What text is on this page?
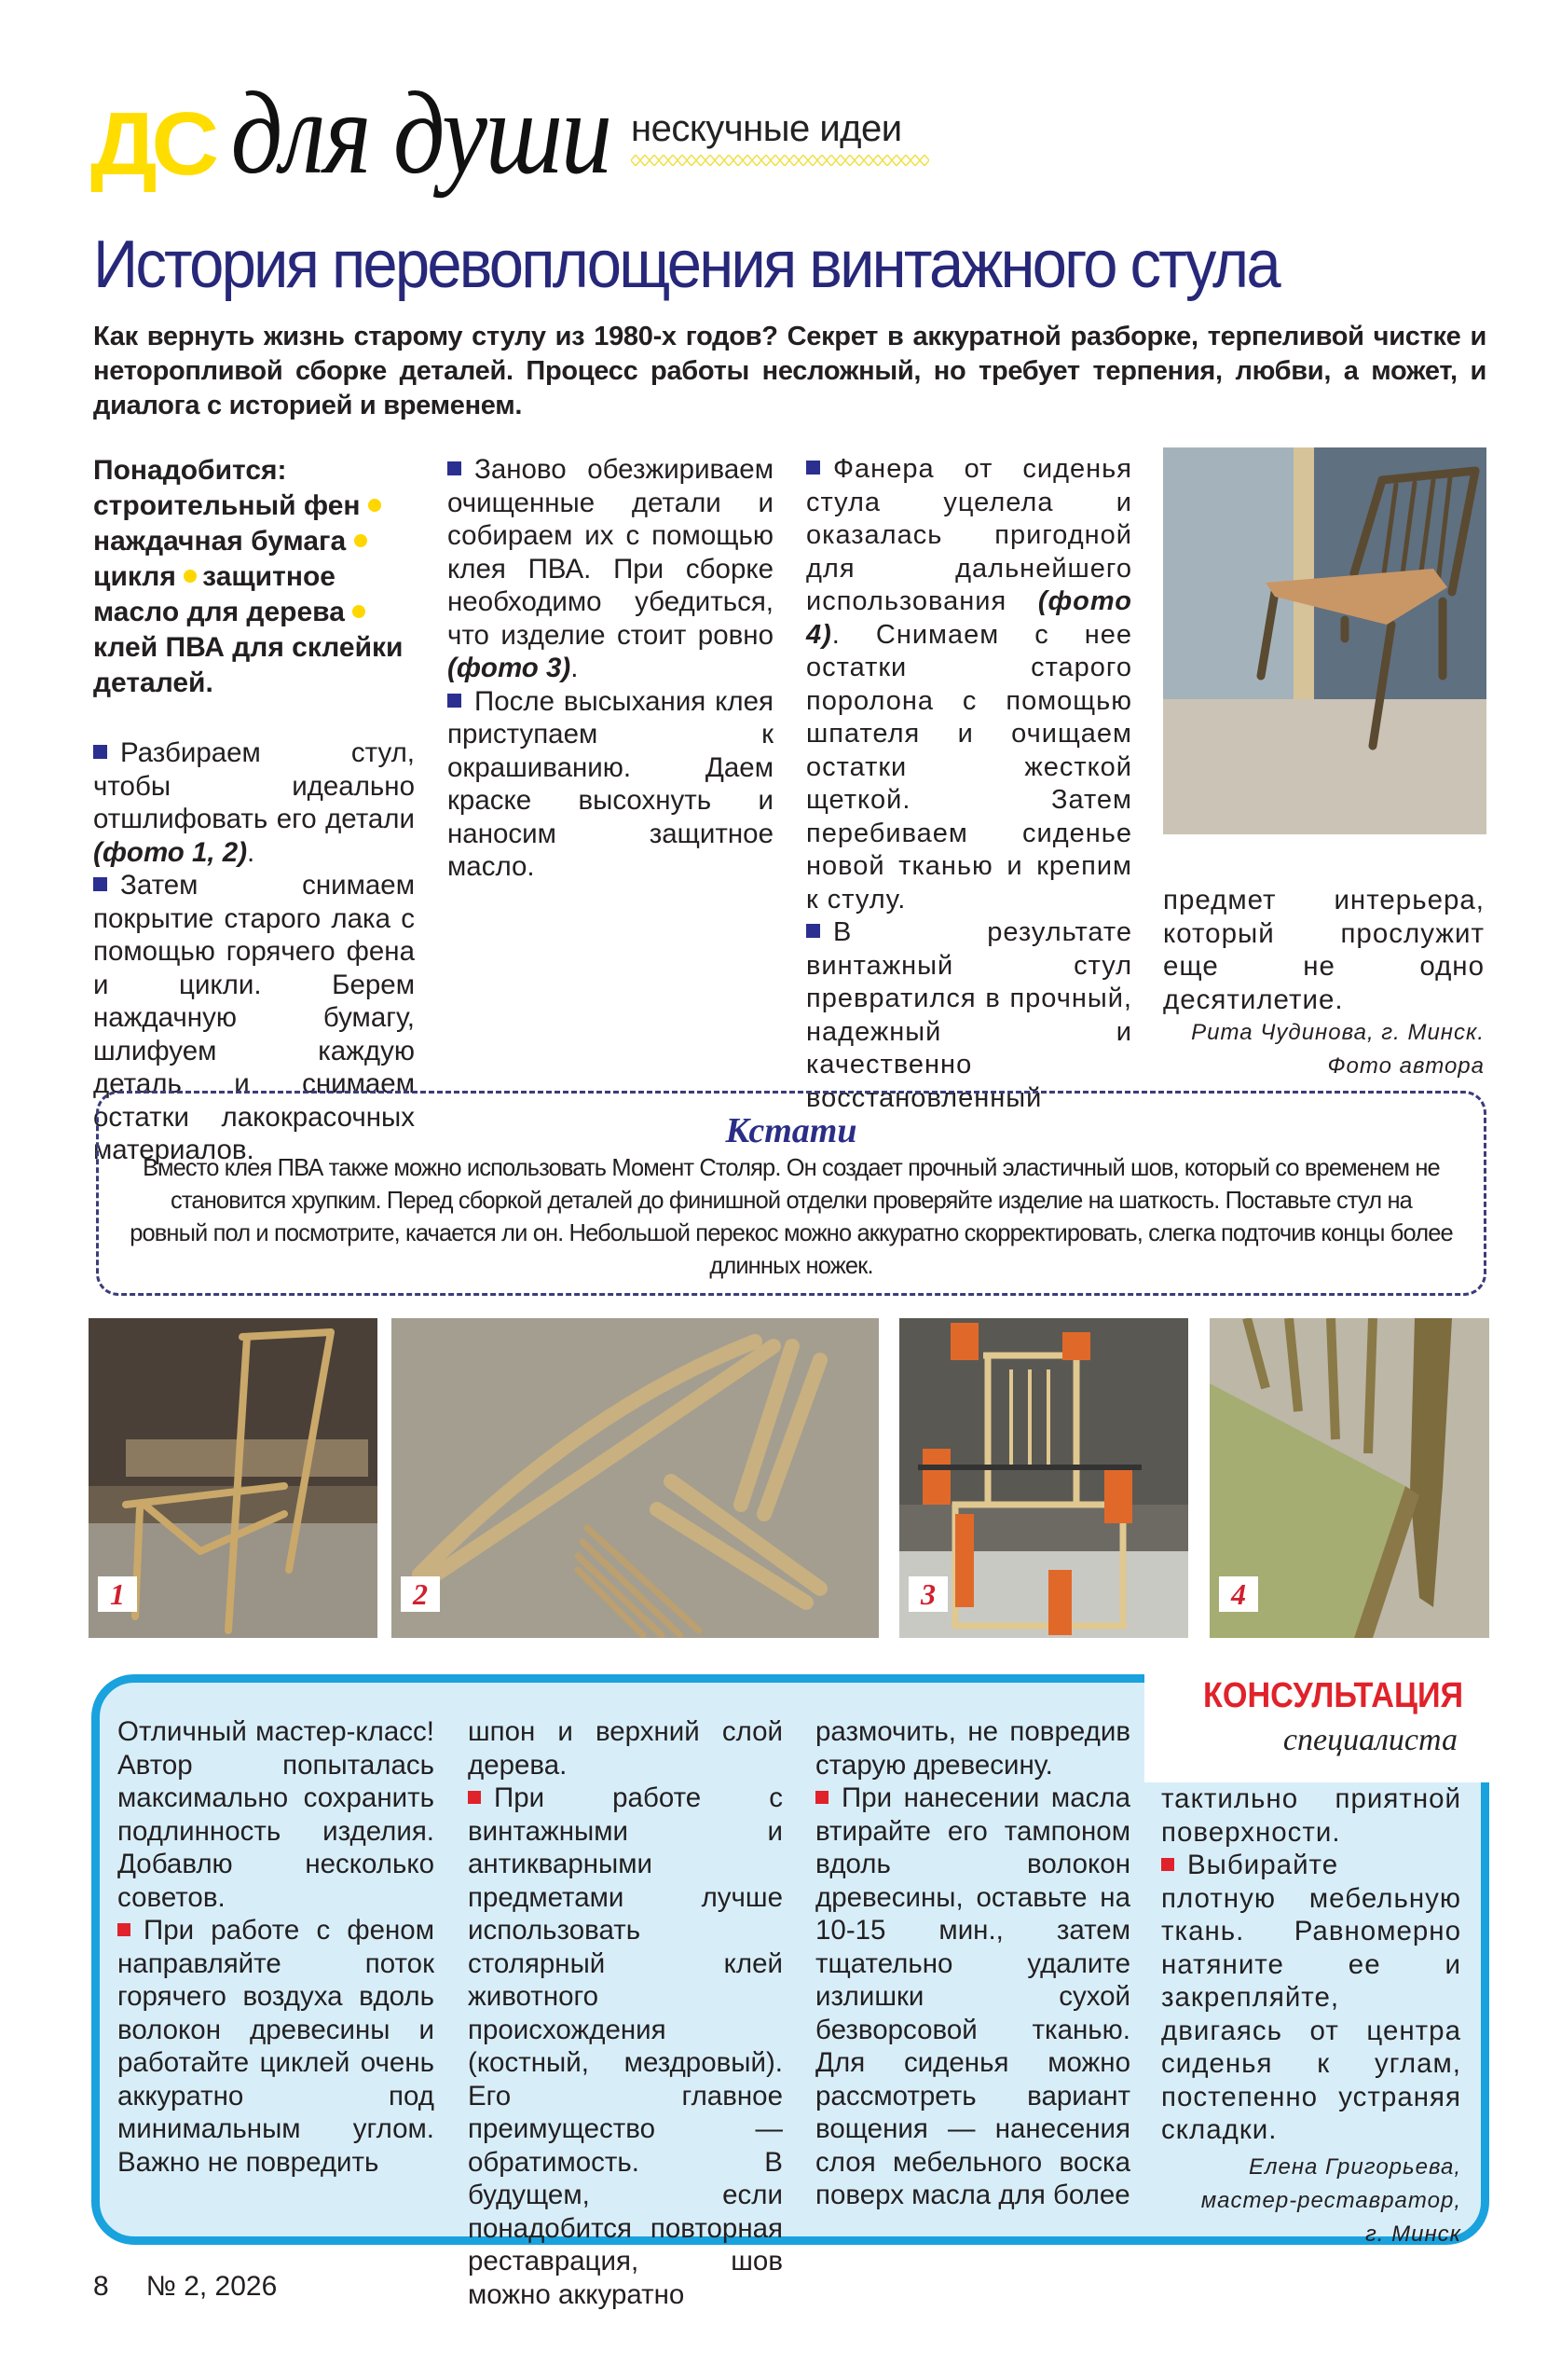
ДС для души нескучные идеи
История перевоплощения винтажного стула

Как вернуть жизнь старому стулу из 1980-х годов? Секрет в аккуратной разборке, терпеливой чистке и неторопливой сборке деталей. Процесс работы несложный, но требует терпения, любви, а может, и диалога с историей и временем.

Понадобится:
строительный фен наждачная бумага цикля защитное масло для дерева клей ПВА для склейки деталей.

Разбираем стул, чтобы идеально отшлифовать его детали (фото 1, 2).

Затем снимаем покрытие старого лака с помощью горячего фена и цикли. Берем наждачную бумагу, шлифуем каждую деталь и снимаем остатки лакокрасочных материалов.

Заново обезжириваем очищенные детали и собираем их с помощью клея ПВА. При сборке необходимо убедиться, что изделие стоит ровно (фото 3).

После высыхания клея приступаем к окрашиванию. Даем краске высохнуть и наносим защитное масло.

Фанера от сиденья стула уцелела и оказалась пригодной для дальнейшего использования (фото 4). Снимаем с нее остатки старого поролона с помощью шпателя и очищаем остатки жесткой щеткой. Затем перебиваем сиденье новой тканью и крепим к стулу.

В результате винтажный стул превратился в прочный, надежный и качественно восстановленный

предмет интерьера, который прослужит еще не одно десятилетие.

Рита Чудинова, г. Минск.

Фото автора

Кстати
Вместо клея ПВА также можно использовать Момент Столяр. Он создает прочный эластичный шов, который со временем не становится хрупким. Перед сборкой деталей до финишной отделки проверяйте изделие на шаткость. Поставьте стул на ровный пол и посмотрите, качается ли он. Небольшой перекос можно аккуратно скорректировать, слегка подточив концы более длинных ножек.
1	2	3	4
КОНСУЛЬТАЦИЯ
специалиста

Отличный мастер-класс! Автор попыталась максимально сохранить подлинность изделия. Добавлю несколько советов.

При работе с феном направляйте поток горячего воздуха вдоль волокон древесины и работайте циклей очень аккуратно под минимальным углом. Важно не повредить

шпон и верхний слой дерева.

При работе с винтажными и антикварными предметами лучше использовать столярный клей животного происхождения (костный, мездровый). Его главное преимущество — обратимость. В будущем, если понадобится повторная реставрация, шов можно аккуратно

размочить, не повредив старую древесину.

При нанесении масла втирайте его тампоном вдоль волокон древесины, оставьте на 10-15 мин., затем тщательно удалите излишки сухой безворсовой тканью. Для сиденья можно рассмотреть вариант вощения — нанесения слоя мебельного воска поверх масла для более

тактильно приятной поверхности.

Выбирайте плотную мебельную ткань. Равномерно натяните ее и закрепляйте, двигаясь от центра сиденья к углам, постепенно устраняя складки.

Елена Григорьева,

мастер-реставратор,

г. Минск

8 № 2, 2026
